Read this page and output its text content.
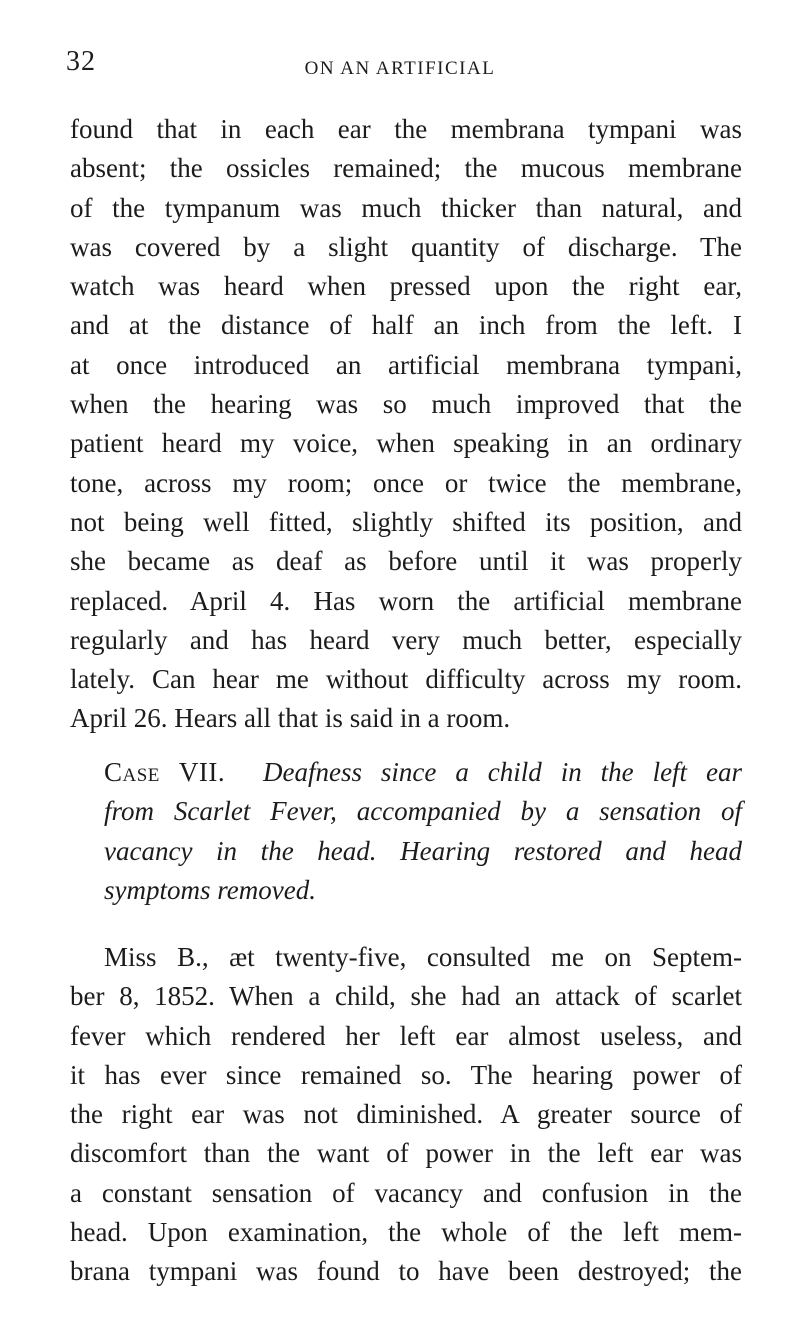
32	ON AN ARTIFICIAL
found that in each ear the membrana tympani was
absent; the ossicles remained; the mucous membrane
of the tympanum was much thicker than natural, and
was covered by a slight quantity of discharge. The
watch was heard when pressed upon the right ear,
and at the distance of half an inch from the left. I
at once introduced an artificial membrana tympani,
when the hearing was so much improved that the
patient heard my voice, when speaking in an ordinary
tone, across my room; once or twice the membrane,
not being well fitted, slightly shifted its position, and
she became as deaf as before until it was properly
replaced. April 4. Has worn the artificial membrane
regularly and has heard very much better, especially
lately. Can hear me without difficulty across my room.
April 26. Hears all that is said in a room.
Case VII. Deafness since a child in the left ear
from Scarlet Fever, accompanied by a sensation of
vacancy in the head. Hearing restored and head
symptoms removed.
Miss B., æt twenty-five, consulted me on Septem-
ber 8, 1852. When a child, she had an attack of scarlet
fever which rendered her left ear almost useless, and
it has ever since remained so. The hearing power of
the right ear was not diminished. A greater source of
discomfort than the want of power in the left ear was
a constant sensation of vacancy and confusion in the
head. Upon examination, the whole of the left mem-
brana tympani was found to have been destroyed; the
